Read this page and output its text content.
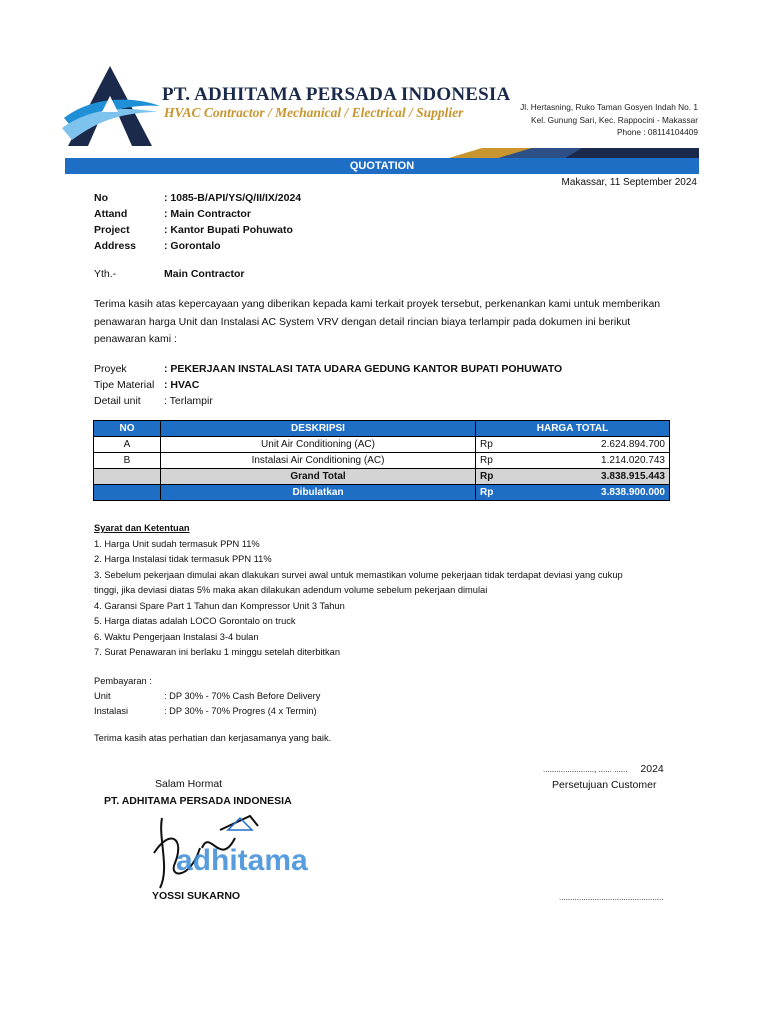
PT. ADHITAMA PERSADA INDONESIA
HVAC Contractor / Mechanical / Electrical / Supplier	Jl. Hertasning, Ruko Taman Gosyen Indah No. 1
Kel. Gunung Sari, Kec. Rappocini - Makassar
Phone : 08114104409
QUOTATION
Makassar, 11 September 2024
No	: 1085-B/API/YS/Q/II/IX/2024
Attand	: Main Contractor
Project	: Kantor Bupati Pohuwato
Address	: Gorontalo
Yth.-	Main Contractor
Terima kasih atas kepercayaan yang diberikan kepada kami terkait proyek tersebut, perkenankan kami untuk memberikan penawaran harga Unit dan Instalasi AC System VRV dengan detail rincian biaya terlampir pada dokumen ini berikut penawaran kami :
Proyek	: PEKERJAAN INSTALASI TATA UDARA GEDUNG KANTOR BUPATI POHUWATO
Tipe Material : HVAC
Detail unit	: Terlampir
NO	DESKRIPSI	HARGA TOTAL	
A	Unit Air Conditioning (AC)	Rp	2.624.894.700
B	Instalasi Air Conditioning (AC)	Rp	1.214.020.743
	Grand Total	Rp	3.838.915.443
	Dibulatkan	Rp	3.838.900.000
Syarat dan Ketentuan
1. Harga Unit sudah termasuk PPN 11%
2. Harga Instalasi tidak termasuk PPN 11%
3. Sebelum pekerjaan dimulai akan dlakukan survei awal untuk memastikan volume pekerjaan tidak terdapat deviasi yang cukup
tinggi, jika deviasi diatas 5% maka akan dilakukan adendum volume sebelum pekerjaan dimulai
4. Garansi Spare Part 1 Tahun dan Kompressor Unit 3 Tahun
5. Harga diatas adalah LOCO Gorontalo on truck
6. Waktu Pengerjaan Instalasi 3-4 bulan
7. Surat Penawaran ini berlaku 1 minggu setelah diterbitkan
Pembayaran :
Unit	: DP 30% - 70% Cash Before Delivery
Instalasi	: DP 30% - 70% Progres (4 x Termin)
Terima kasih atas perhatian dan kerjasamanya yang baik.
Salam Hormat
PT. ADHITAMA PERSADA INDONESIA
adhitama
YOSSI SUKARNO
......................., ...... ...... 2024
Persetujuan Customer
...............................................
